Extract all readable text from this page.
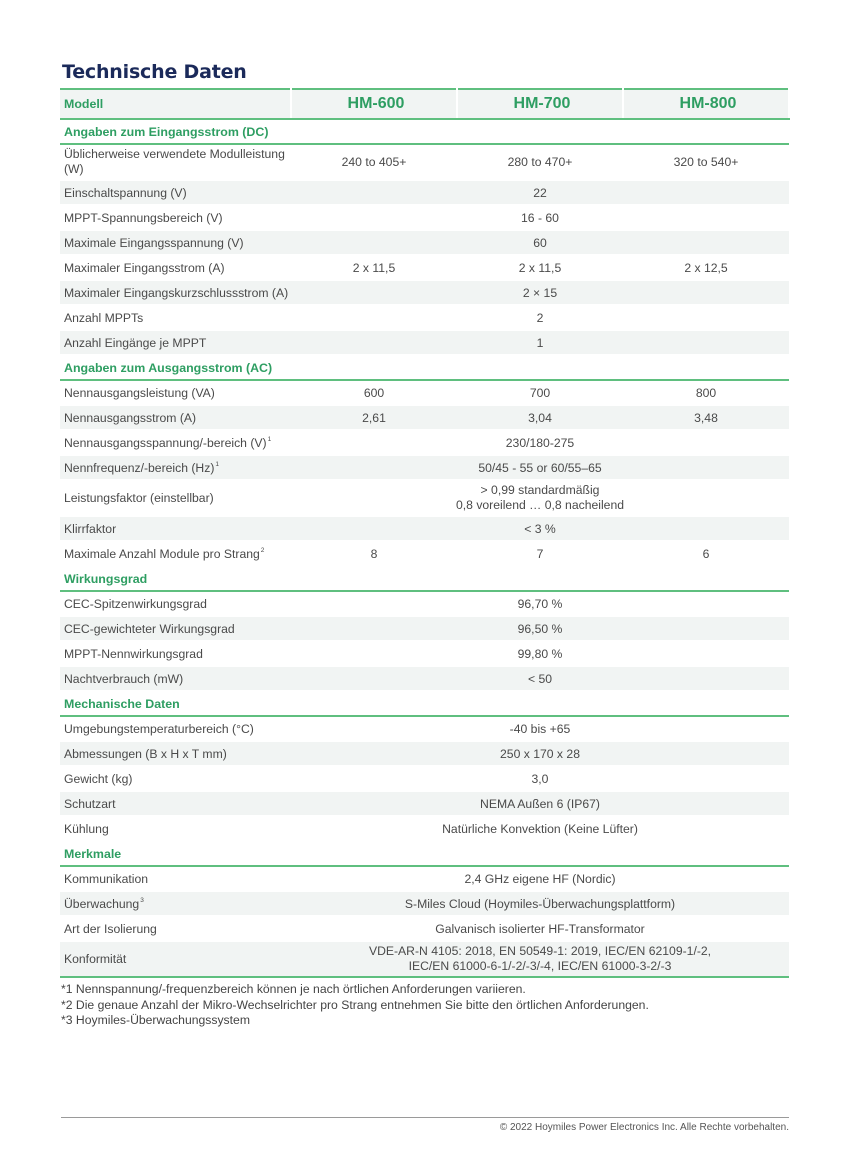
Technische Daten
Modell	HM-600	HM-700	HM-800
Angaben zum Eingangsstrom (DC)			
Üblicherweise verwendete Modulleistung (W)	240 to 405+	280 to 470+	320 to 540+
Einschaltspannung (V)	22		

MPPT-Spannungsbereich (V)	16 - 60		

Maximale Eingangsspannung (V)	60		

Maximaler Eingangsstrom (A)	2 x 11,5	2 x 11,5	2 x 12,5
Maximaler Eingangskurzschlussstrom (A)	2 × 15		

Anzahl MPPTs	2		

Anzahl Eingänge je MPPT	1		

Angaben zum Ausgangsstrom (AC)			
Nennausgangsleistung (VA)	600	700	800
Nennausgangsstrom (A)	2,61	3,04	3,48
Nennausgangsspannung/-bereich $(V)^1$	230/180-275		

Nennfrequenz/-bereich $(Hz)^1$	50/45 - 55 or 60/55–65		

Leistungsfaktor (einstellbar)	> 0,99 standardmäßig
0,8 voreilend … 0,8 nacheilend		

Klirrfaktor	< 3 %		

Maximale Anzahl Module pro Strang$^2$	8	7	6
Wirkungsgrad			
CEC-Spitzenwirkungsgrad	96,70 %		

CEC-gewichteter Wirkungsgrad	96,50 %		

MPPT-Nennwirkungsgrad	99,80 %		

Nachtverbrauch (mW)	< 50		

Mechanische Daten			
Umgebungstemperaturbereich (°C)	-40 bis +65		

Abmessungen (B x H x T mm)	250 x 170 x 28		

Gewicht (kg)	3,0		

Schutzart	NEMA Außen 6 (IP67)		

Kühlung	Natürliche Konvektion (Keine Lüfter)		

Merkmale			
Kommunikation	2,4 GHz eigene HF (Nordic)		

Überwachung$^3$	S-Miles Cloud (Hoymiles-Überwachungsplattform)		

Art der Isolierung	Galvanisch isolierter HF-Transformator		

Konformität	VDE-AR-N 4105: 2018, EN 50549-1: 2019, IEC/EN 62109-1/-2,
IEC/EN 61000-6-1/-2/-3/-4, IEC/EN 61000-3-2/-3		
*1 Nennspannung/-frequenzbereich können je nach örtlichen Anforderungen variieren.
*2 Die genaue Anzahl der Mikro-Wechselrichter pro Strang entnehmen Sie bitte den örtlichen Anforderungen.
*3 Hoymiles-Überwachungssystem
© 2022 Hoymiles Power Electronics Inc. Alle Rechte vorbehalten.
